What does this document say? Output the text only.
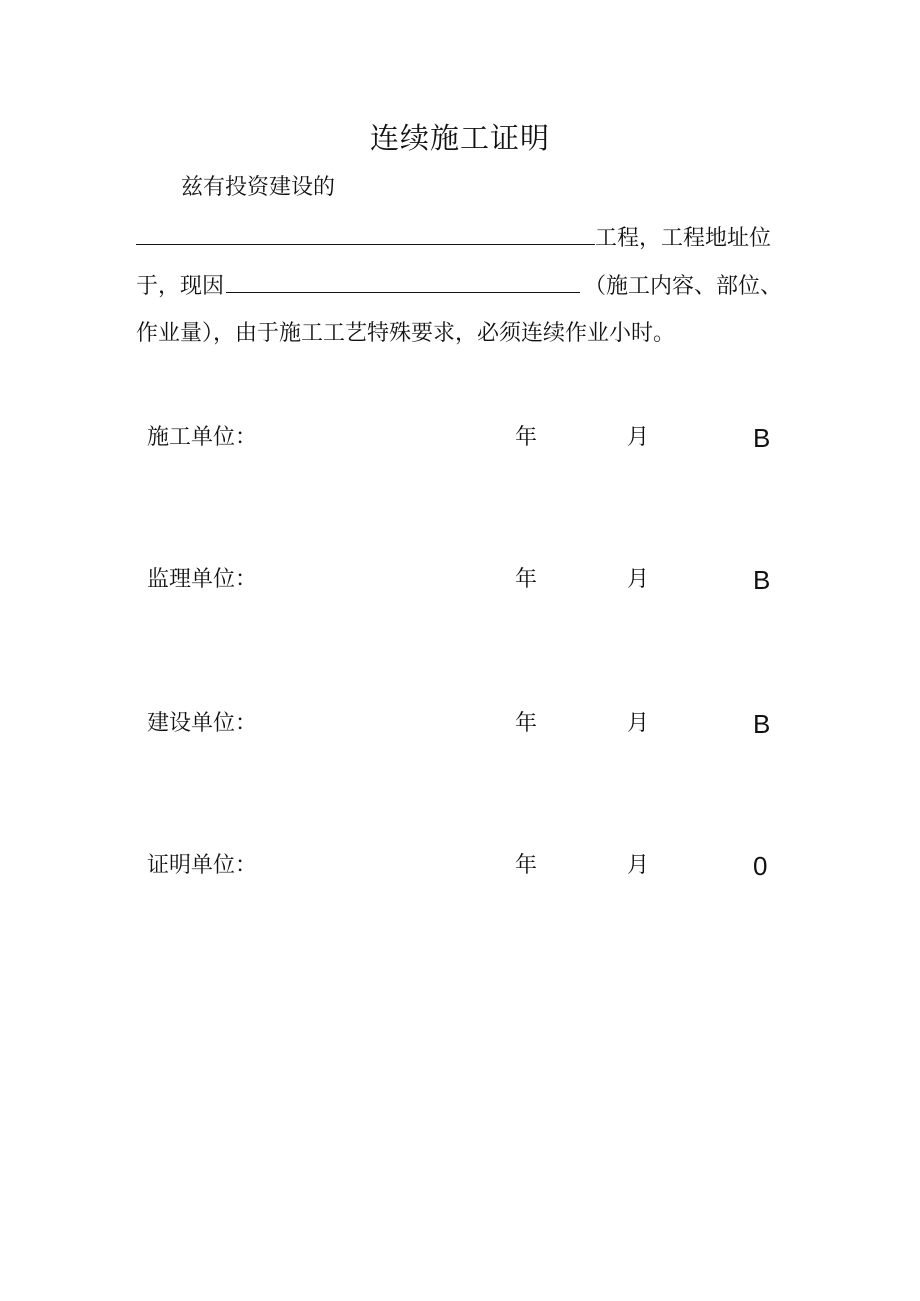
连续施工证明
兹有投资建设的
工程，工程地址位
于，现因	（施工内容、部位、
作业量），由于施工工艺特殊要求，必须连续作业小时。
施工单位：	年	月	B
监理单位：	年	月	B
建设单位：	年	月	B
证明单位：	年	月	0
